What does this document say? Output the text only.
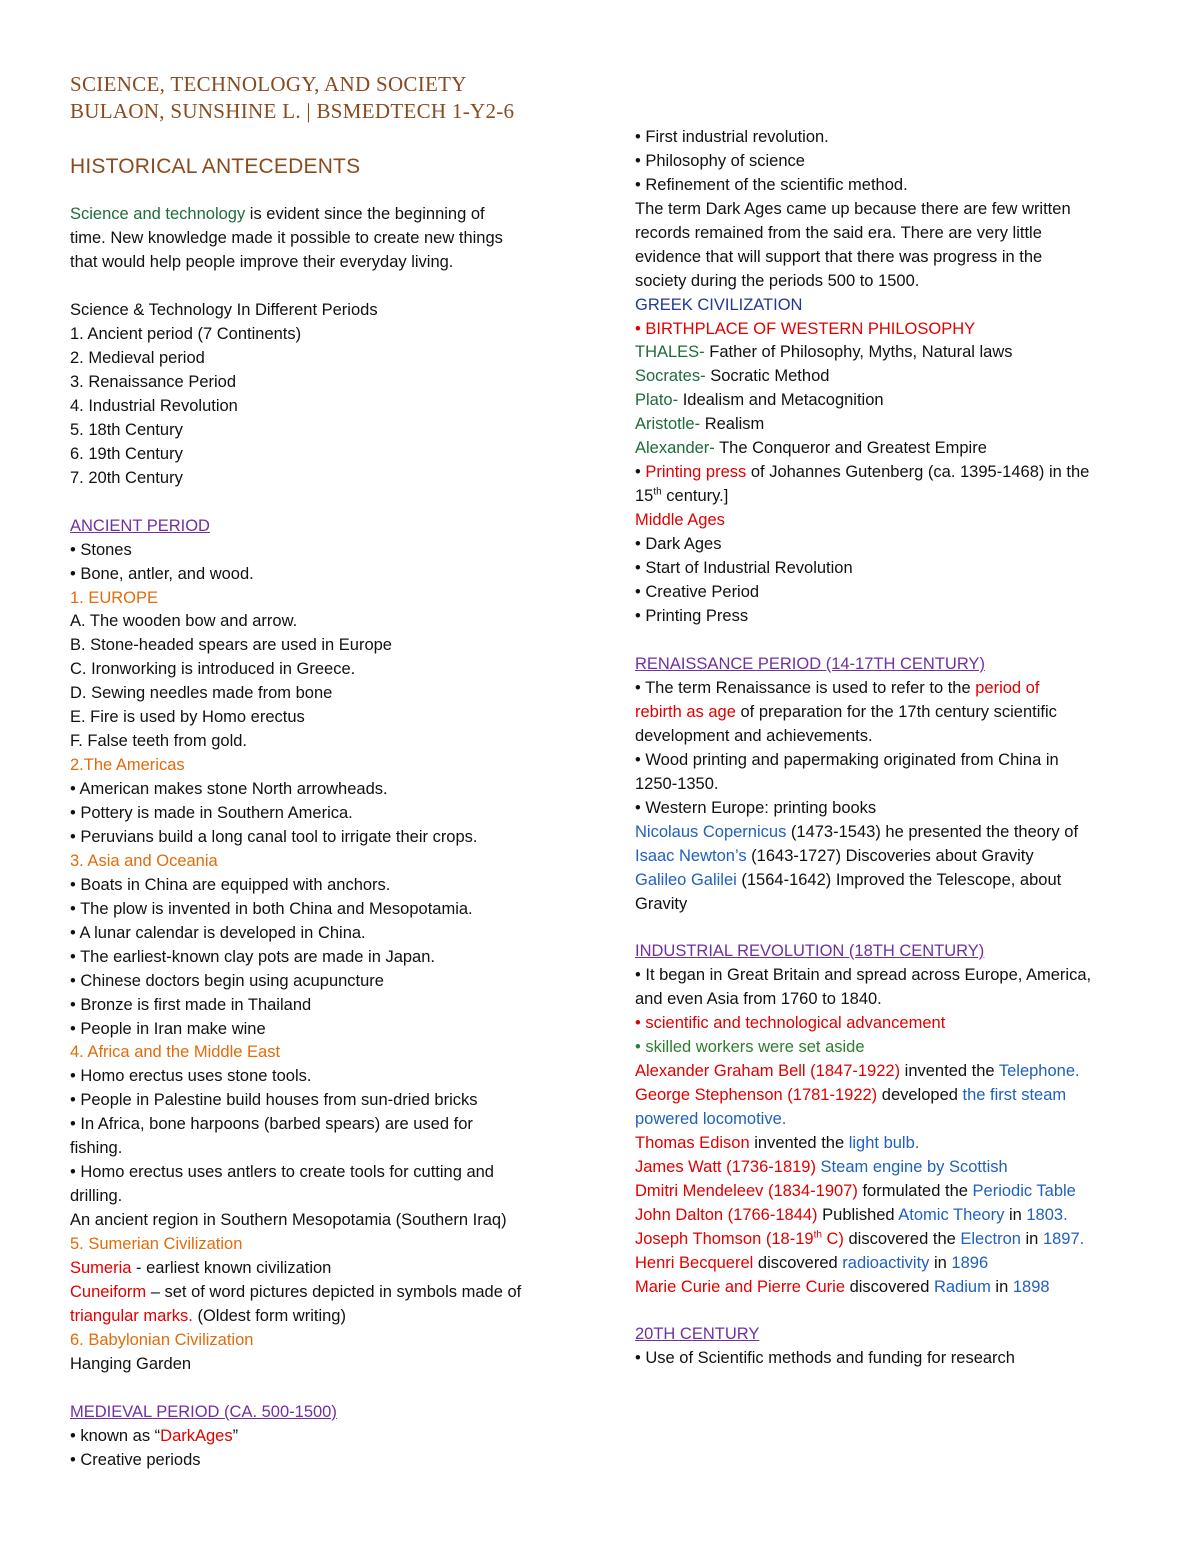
SCIENCE, TECHNOLOGY, AND SOCIETY
BULAON, SUNSHINE L. | BSMEDTECH 1-Y2-6
HISTORICAL ANTECEDENTS
Science and technology is evident since the beginning of
time. New knowledge made it possible to create new things
that would help people improve their everyday living.
Science & Technology In Different Periods
1. Ancient period (7 Continents)
2. Medieval period
3. Renaissance Period
4. Industrial Revolution
5. 18th Century
6. 19th Century
7. 20th Century
ANCIENT PERIOD
• Stones
• Bone, antler, and wood.
1. EUROPE
A. The wooden bow and arrow.
B. Stone-headed spears are used in Europe
C. Ironworking is introduced in Greece.
D. Sewing needles made from bone
E. Fire is used by Homo erectus
F. False teeth from gold.
2.The Americas
• American makes stone North arrowheads.
• Pottery is made in Southern America.
• Peruvians build a long canal tool to irrigate their crops.
3. Asia and Oceania
• Boats in China are equipped with anchors.
• The plow is invented in both China and Mesopotamia.
• A lunar calendar is developed in China.
• The earliest-known clay pots are made in Japan.
• Chinese doctors begin using acupuncture
• Bronze is first made in Thailand
• People in Iran make wine
4. Africa and the Middle East
• Homo erectus uses stone tools.
• People in Palestine build houses from sun-dried bricks
• In Africa, bone harpoons (barbed spears) are used for
fishing.
• Homo erectus uses antlers to create tools for cutting and
drilling.
An ancient region in Southern Mesopotamia (Southern Iraq)
5. Sumerian Civilization
Sumeria - earliest known civilization
Cuneiform – set of word pictures depicted in symbols made of
triangular marks. (Oldest form writing)
6. Babylonian Civilization
Hanging Garden
MEDIEVAL PERIOD (CA. 500-1500)
• known as “DarkAges”
• Creative periods
• First industrial revolution.
• Philosophy of science
• Refinement of the scientific method.
The term Dark Ages came up because there are few written
records remained from the said era. There are very little
evidence that will support that there was progress in the
society during the periods 500 to 1500.
GREEK CIVILIZATION
• BIRTHPLACE OF WESTERN PHILOSOPHY
THALES- Father of Philosophy, Myths, Natural laws
Socrates- Socratic Method
Plato- Idealism and Metacognition
Aristotle- Realism
Alexander- The Conqueror and Greatest Empire
• Printing press of Johannes Gutenberg (ca. 1395-1468) in the
15th century.]
Middle Ages
• Dark Ages
• Start of Industrial Revolution
• Creative Period
• Printing Press
RENAISSANCE PERIOD (14-17TH CENTURY)
• The term Renaissance is used to refer to the period of
rebirth as age of preparation for the 17th century scientific
development and achievements.
• Wood printing and papermaking originated from China in
1250-1350.
• Western Europe: printing books
Nicolaus Copernicus (1473-1543) he presented the theory of
Isaac Newton’s (1643-1727) Discoveries about Gravity
Galileo Galilei (1564-1642) Improved the Telescope, about
Gravity
INDUSTRIAL REVOLUTION (18TH CENTURY)
• It began in Great Britain and spread across Europe, America,
and even Asia from 1760 to 1840.
• scientific and technological advancement
• skilled workers were set aside
Alexander Graham Bell (1847-1922) invented the Telephone.
George Stephenson (1781-1922) developed the first steam
powered locomotive.
Thomas Edison invented the light bulb.
James Watt (1736-1819) Steam engine by Scottish
Dmitri Mendeleev (1834-1907) formulated the Periodic Table
John Dalton (1766-1844) Published Atomic Theory in 1803.
Joseph Thomson (18-19th C) discovered the Electron in 1897.
Henri Becquerel discovered radioactivity in 1896
Marie Curie and Pierre Curie discovered Radium in 1898
20TH CENTURY
• Use of Scientific methods and funding for research
